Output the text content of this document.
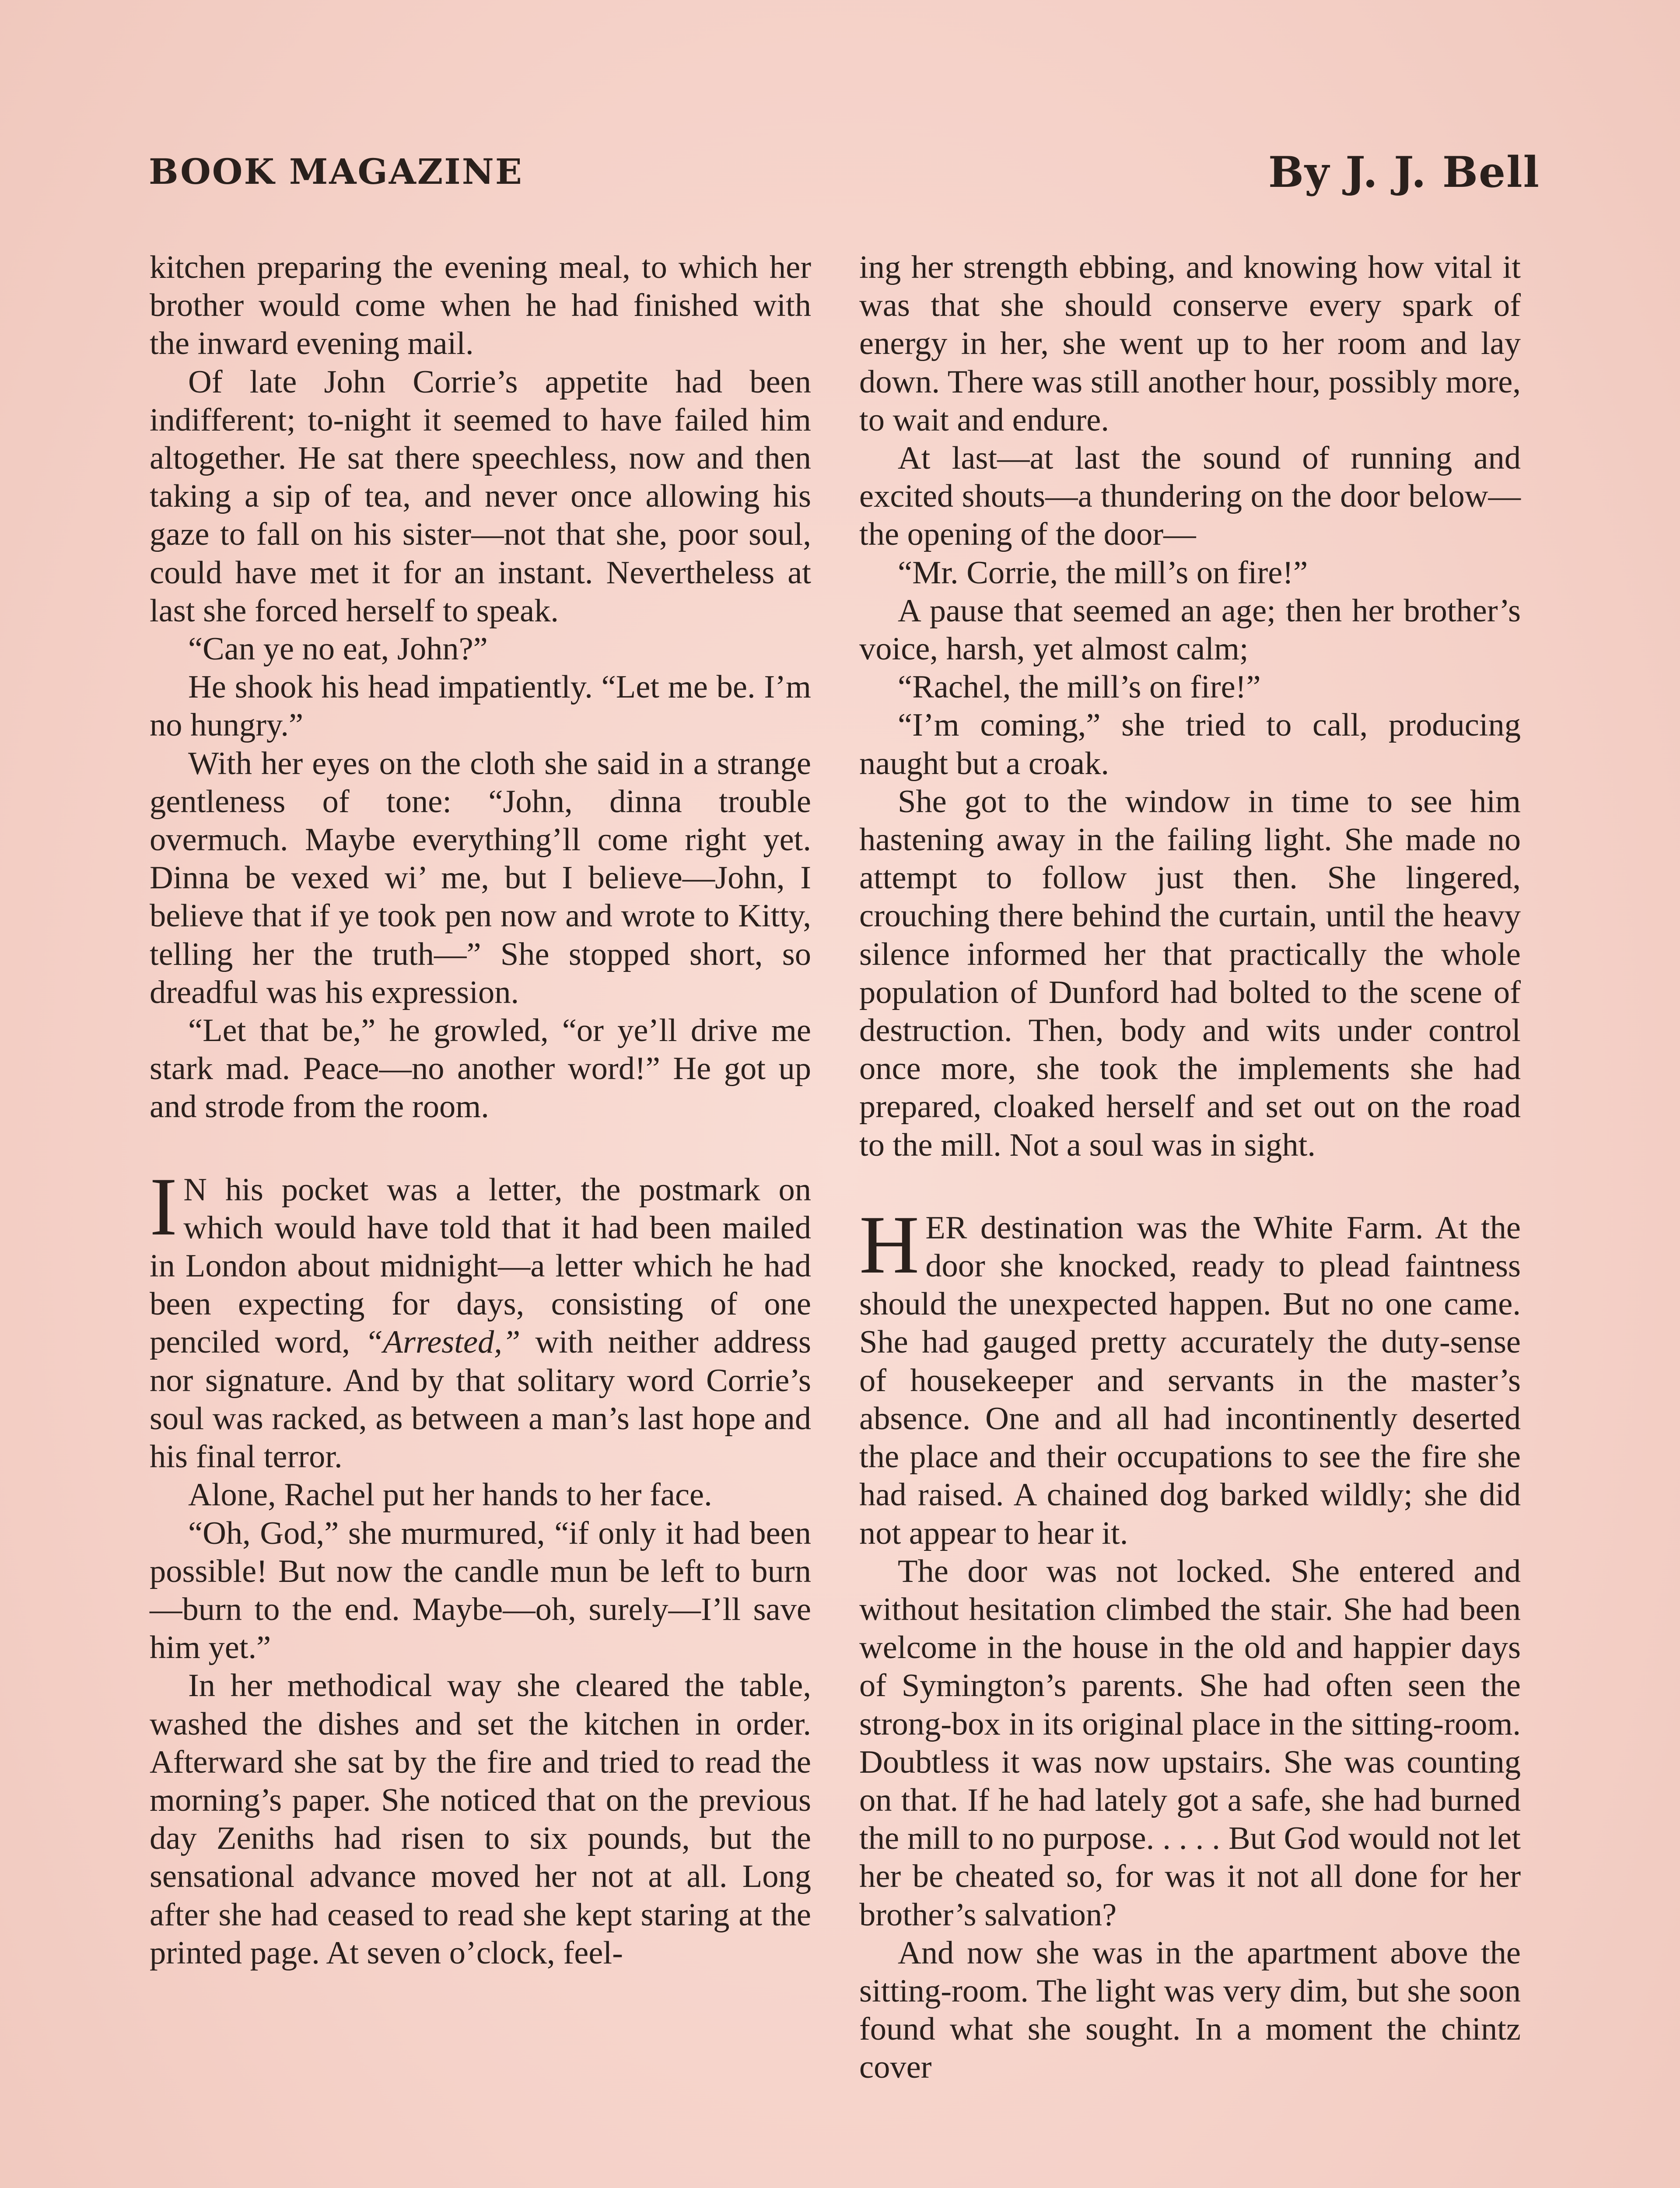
BOOK MAGAZINE	By J. J. Bell

kitchen preparing the evening meal, to which her brother would come when he had finished with the inward evening mail.

Of late John Corrie’s appetite had been indifferent; to-night it seemed to have failed him altogether. He sat there speechless, now and then taking a sip of tea, and never once allowing his gaze to fall on his sister—not that she, poor soul, could have met it for an instant. Nevertheless at last she forced herself to speak.

“Can ye no eat, John?”

He shook his head impatiently. “Let me be. I’m no hungry.”

With her eyes on the cloth she said in a strange gentleness of tone: “John, dinna trouble overmuch. Maybe everything’ll come right yet. Dinna be vexed wi’ me, but I believe—John, I believe that if ye took pen now and wrote to Kitty, telling her the truth—” She stopped short, so dreadful was his expression.

“Let that be,” he growled, “or ye’ll drive me stark mad. Peace—no another word!” He got up and strode from the room.

I N his pocket was a letter, the postmark on which would have told that it had been mailed in London about midnight—a letter which he had been expecting for days, consisting of one penciled word, “Arrested,” with neither address nor signature. And by that solitary word Corrie’s soul was racked, as between a man’s last hope and his final terror.

Alone, Rachel put her hands to her face.

“Oh, God,” she murmured, “if only it had been possible! But now the candle mun be left to burn—burn to the end. Maybe—oh, surely—I’ll save him yet.”

In her methodical way she cleared the table, washed the dishes and set the kitchen in order. Afterward she sat by the fire and tried to read the morning’s paper. She noticed that on the previous day Zeniths had risen to six pounds, but the sensational advance moved her not at all. Long after she had ceased to read she kept staring at the printed page. At seven o’clock, feel-

ing her strength ebbing, and knowing how vital it was that she should conserve every spark of energy in her, she went up to her room and lay down. There was still another hour, possibly more, to wait and endure.

At last—at last the sound of running and excited shouts—a thundering on the door below—the opening of the door—

“Mr. Corrie, the mill’s on fire!”

A pause that seemed an age; then her brother’s voice, harsh, yet almost calm;

“Rachel, the mill’s on fire!”

“I’m coming,” she tried to call, producing naught but a croak.

She got to the window in time to see him hastening away in the failing light. She made no attempt to follow just then. She lingered, crouching there behind the curtain, until the heavy silence informed her that practically the whole population of Dunford had bolted to the scene of destruction. Then, body and wits under control once more, she took the implements she had prepared, cloaked herself and set out on the road to the mill. Not a soul was in sight.

HER destination was the White Farm. At the door she knocked, ready to plead faintness should the unexpected happen. But no one came. She had gauged pretty accurately the duty-sense of housekeeper and servants in the master’s absence. One and all had incontinently deserted the place and their occupations to see the fire she had raised. A chained dog barked wildly; she did not appear to hear it.

The door was not locked. She entered and without hesitation climbed the stair. She had been welcome in the house in the old and happier days of Symington’s parents. She had often seen the strong-box in its original place in the sitting-room. Doubtless it was now upstairs. She was counting on that. If he had lately got a safe, she had burned the mill to no purpose. . . . . But God would not let her be cheated so, for was it not all done for her brother’s salvation?

And now she was in the apartment above the sitting-room. The light was very dim, but she soon found what she sought. In a moment the chintz cover
